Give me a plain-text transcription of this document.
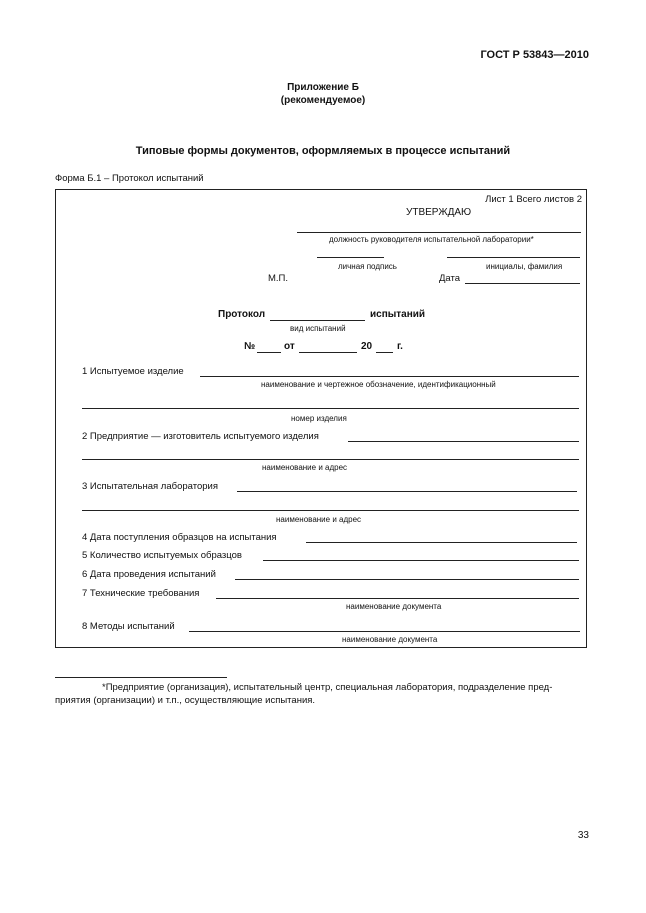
ГОСТ Р 53843—2010
Приложение Б
(рекомендуемое)
Типовые формы документов, оформляемых в процессе испытаний
Форма Б.1 – Протокол испытаний
Лист 1 Всего листов 2
УТВЕРЖДАЮ
должность руководителя испытательной лаборатории*
личная подпись	инициалы, фамилия
М.П.	Дата
Протокол	испытаний
вид испытаний
№	от	20 г.
1 Испытуемое изделие
наименование и чертежное обозначение, идентификационный
номер изделия
2 Предприятие — изготовитель испытуемого изделия
наименование и адрес
3 Испытательная лаборатория
наименование и адрес
4 Дата поступления образцов на испытания
5 Количество испытуемых образцов
6 Дата проведения испытаний
7 Технические требования
наименование документа
8 Методы испытаний
наименование документа
*Предприятие (организация), испытательный центр, специальная лаборатория, подразделение пред-
приятия (организации) и т.п., осуществляющие испытания.
33
